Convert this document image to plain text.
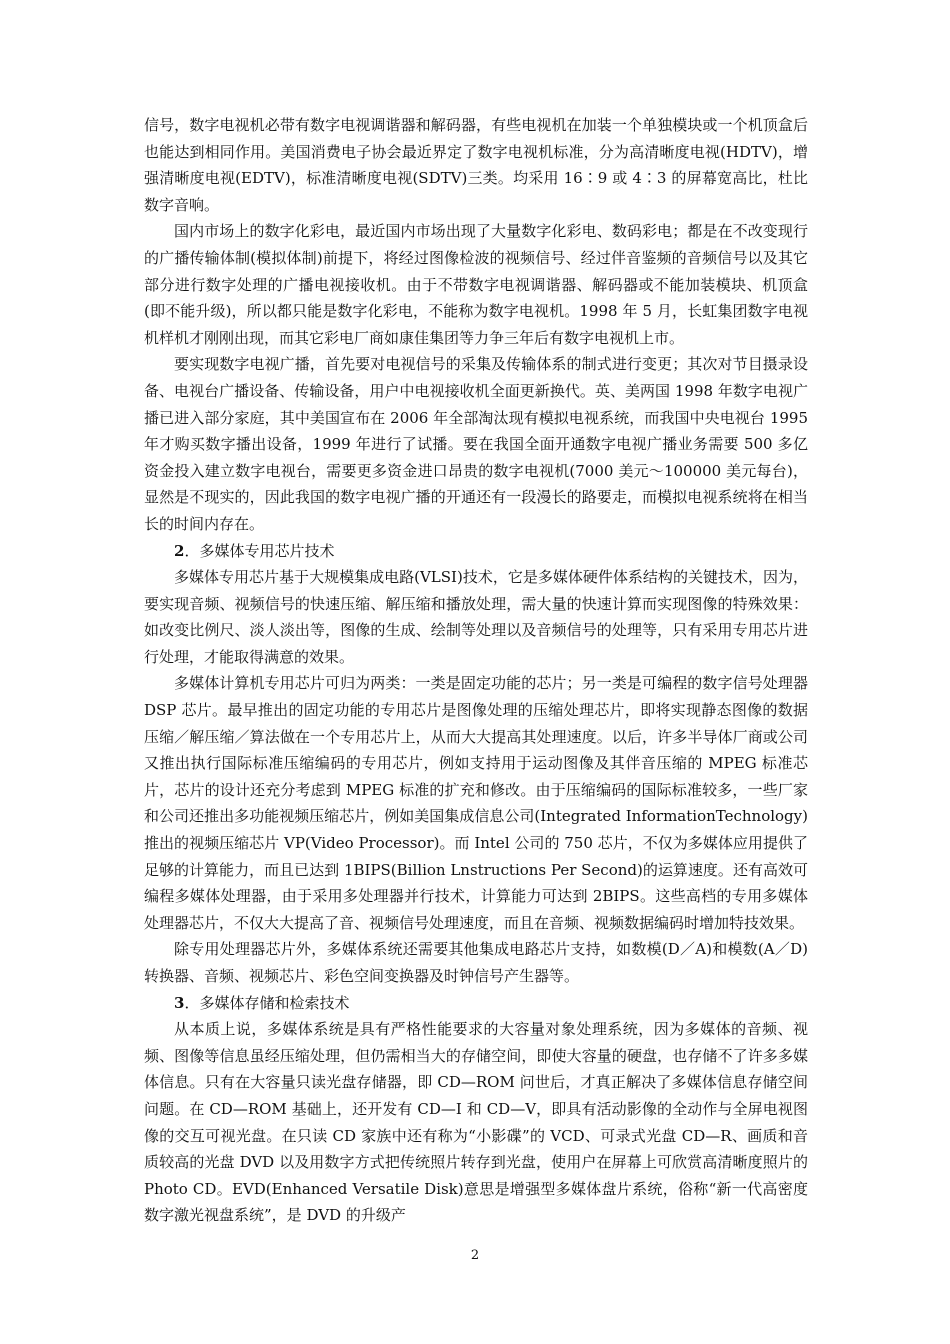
信号，数字电视机必带有数字电视调谐器和解码器，有些电视机在加装一个单独模块或一个机顶盒后也能达到相同作用。美国消费电子协会最近界定了数字电视机标准，分为高清晰度电视(HDTV)，增强清晰度电视(EDTV)，标准清晰度电视(SDTV)三类。均采用 16∶9 或 4∶3 的屏幕宽高比，杜比数字音响。

国内市场上的数字化彩电，最近国内市场出现了大量数字化彩电、数码彩电；都是在不改变现行的广播传输体制(模拟体制)前提下，将经过图像检波的视频信号、经过伴音鉴频的音频信号以及其它部分进行数字处理的广播电视接收机。由于不带数字电视调谐器、解码器或不能加装模块、机顶盒(即不能升级)，所以都只能是数字化彩电，不能称为数字电视机。1998 年 5 月，长虹集团数字电视机样机才刚刚出现，而其它彩电厂商如康佳集团等力争三年后有数字电视机上市。

要实现数字电视广播，首先要对电视信号的采集及传输体系的制式进行变更；其次对节目摄录设备、电视台广播设备、传输设备，用户中电视接收机全面更新换代。英、美两国 1998 年数字电视广播已进入部分家庭，其中美国宣布在 2006 年全部淘汰现有模拟电视系统，而我国中央电视台 1995 年才购买数字播出设备，1999 年进行了试播。要在我国全面开通数字电视广播业务需要 500 多亿资金投入建立数字电视台，需要更多资金进口昂贵的数字电视机(7000 美元～100000 美元每台)，显然是不现实的，因此我国的数字电视广播的开通还有一段漫长的路要走，而模拟电视系统将在相当长的时间内存在。

2．多媒体专用芯片技术

多媒体专用芯片基于大规模集成电路(VLSI)技术，它是多媒体硬件体系结构的关键技术，因为，要实现音频、视频信号的快速压缩、解压缩和播放处理，需大量的快速计算而实现图像的特殊效果：如改变比例尺、淡人淡出等，图像的生成、绘制等处理以及音频信号的处理等，只有采用专用芯片进行处理，才能取得满意的效果。

多媒体计算机专用芯片可归为两类：一类是固定功能的芯片；另一类是可编程的数字信号处理器 DSP 芯片。最早推出的固定功能的专用芯片是图像处理的压缩处理芯片，即将实现静态图像的数据压缩／解压缩／算法做在一个专用芯片上，从而大大提高其处理速度。以后，许多半导体厂商或公司又推出执行国际标准压缩编码的专用芯片，例如支持用于运动图像及其伴音压缩的 MPEG 标准芯片，芯片的设计还充分考虑到 MPEG 标准的扩充和修改。由于压缩编码的国际标准较多，一些厂家和公司还推出多功能视频压缩芯片，例如美国集成信息公司(Integrated InformationTechnology)推出的视频压缩芯片 VP(Video Processor)。而 Intel 公司的 750 芯片，不仅为多媒体应用提供了足够的计算能力，而且已达到 1BIPS(Billion Lnstructions Per Second)的运算速度。还有高效可编程多媒体处理器，由于采用多处理器并行技术，计算能力可达到 2BIPS。这些高档的专用多媒体处理器芯片，不仅大大提高了音、视频信号处理速度，而且在音频、视频数据编码时增加特技效果。

除专用处理器芯片外，多媒体系统还需要其他集成电路芯片支持，如数模(D／A)和模数(A／D)转换器、音频、视频芯片、彩色空间变换器及时钟信号产生器等。

3．多媒体存储和检索技术

从本质上说，多媒体系统是具有严格性能要求的大容量对象处理系统，因为多媒体的音频、视频、图像等信息虽经压缩处理，但仍需相当大的存储空间，即使大容量的硬盘，也存储不了许多多媒体信息。只有在大容量只读光盘存储器，即 CD—ROM 问世后，才真正解决了多媒体信息存储空间问题。在 CD—ROM 基础上，还开发有 CD—I 和 CD—V，即具有活动影像的全动作与全屏电视图像的交互可视光盘。在只读 CD 家族中还有称为“小影碟”的 VCD、可录式光盘 CD—R、画质和音质较高的光盘 DVD 以及用数字方式把传统照片转存到光盘，使用户在屏幕上可欣赏高清晰度照片的 Photo CD。EVD(Enhanced Versatile Disk)意思是增强型多媒体盘片系统，俗称“新一代高密度数字激光视盘系统”，是 DVD 的升级产

2
